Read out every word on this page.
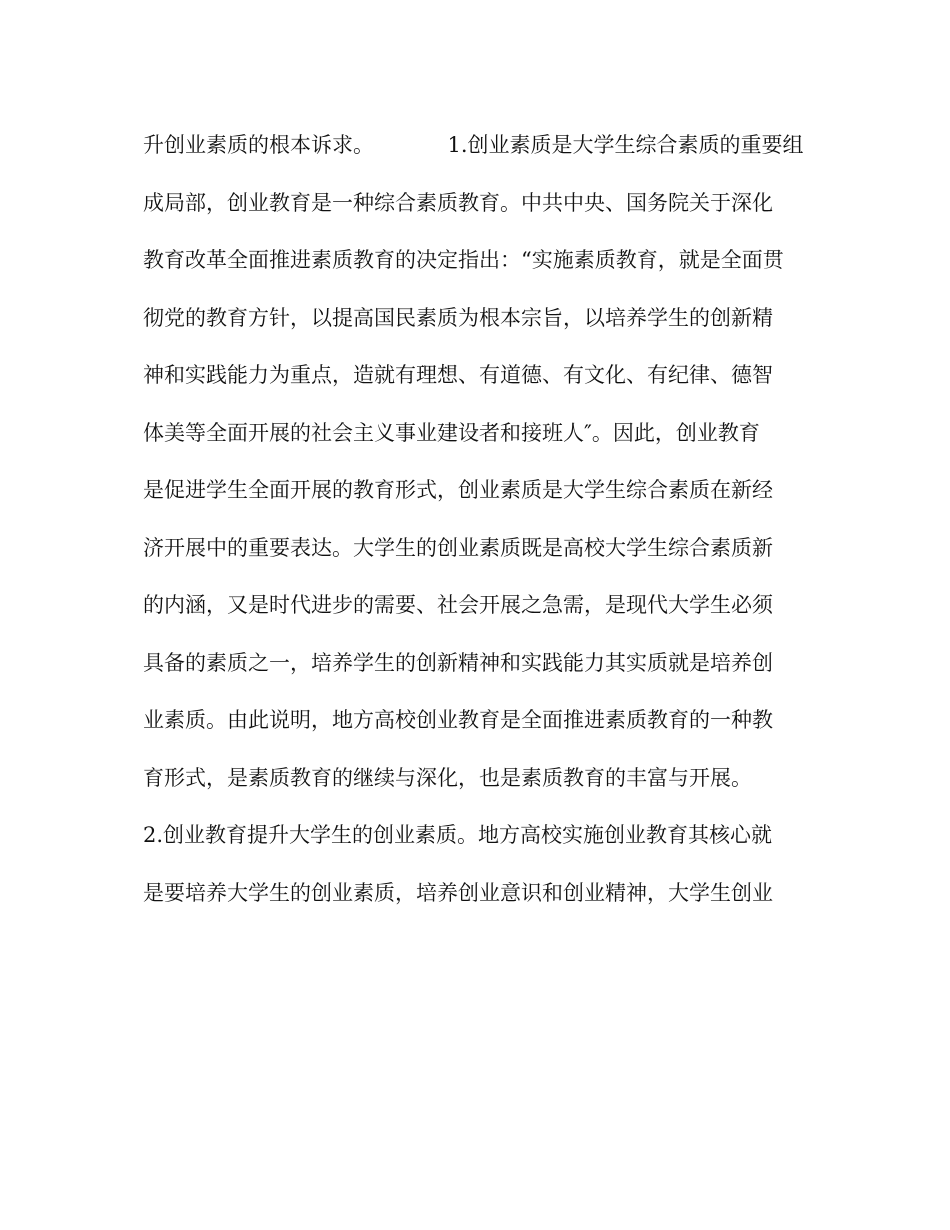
升创业素质的根本诉求。　　　　1.创业素质是大学生综合素质的重要组
成局部，创业教育是一种综合素质教育。中共中央、国务院关于深化
教育改革全面推进素质教育的决定指出：“实施素质教育，就是全面贯
彻党的教育方针，以提高国民素质为根本宗旨，以培养学生的创新精
神和实践能力为重点，造就有理想、有道德、有文化、有纪律、德智
体美等全面开展的社会主义事业建设者和接班人″。因此，创业教育
是促进学生全面开展的教育形式，创业素质是大学生综合素质在新经
济开展中的重要表达。大学生的创业素质既是高校大学生综合素质新
的内涵，又是时代进步的需要、社会开展之急需，是现代大学生必须
具备的素质之一，培养学生的创新精神和实践能力其实质就是培养创
业素质。由此说明，地方高校创业教育是全面推进素质教育的一种教
育形式，是素质教育的继续与深化，也是素质教育的丰富与开展。
2.创业教育提升大学生的创业素质。地方高校实施创业教育其核心就
是要培养大学生的创业素质，培养创业意识和创业精神，大学生创业
